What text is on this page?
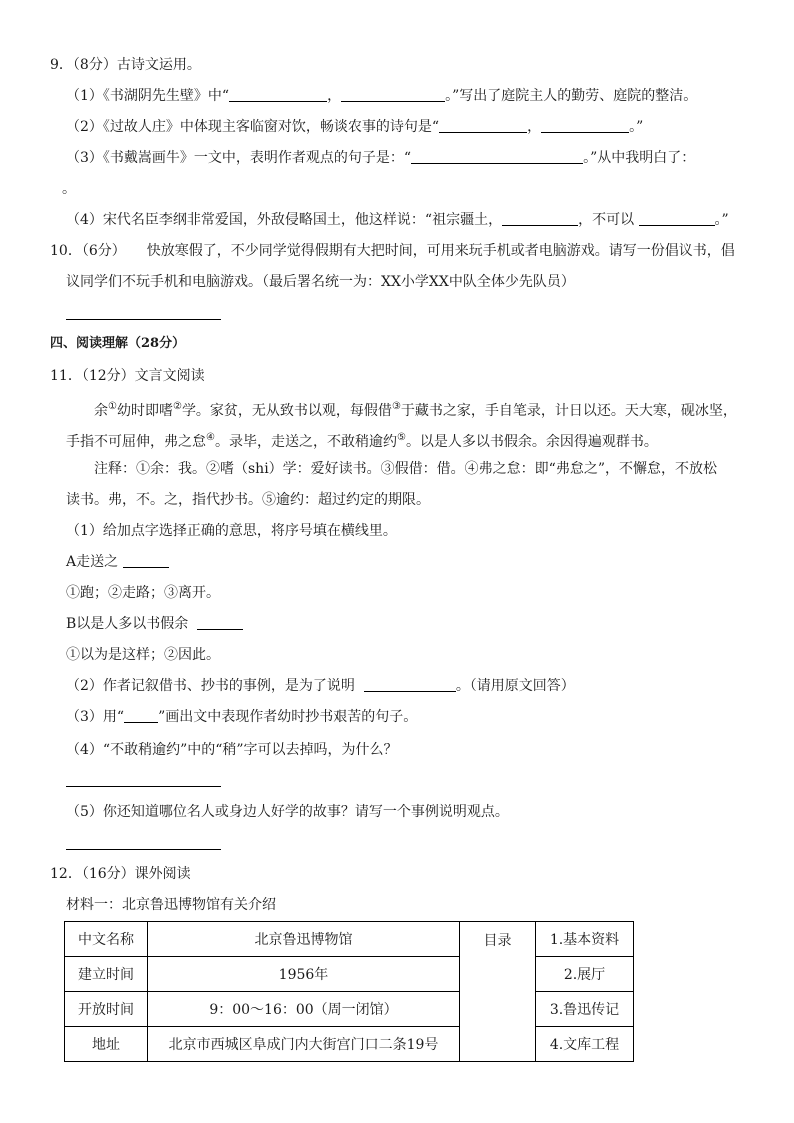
9．（8分）古诗文运用。
（1）《书湖阴先生壁》中“	，	。”写出了庭院主人的勤劳、庭院的整洁。
（2）《过故人庄》中体现主客临窗对饮，畅谈农事的诗句是“	，	。”
（3）《书戴嵩画牛》一文中，表明作者观点的句子是：“	。”从中我明白了：
。
（4）宋代名臣李纲非常爱国，外敌侵略国土，他这样说：“祖宗疆土，	，不可以	。”
10．（6分）　　快放寒假了，不少同学觉得假期有大把时间，可用来玩手机或者电脑游戏。请写一份倡议书，倡
议同学们不玩手机和电脑游戏。（最后署名统一为：XX小学XX中队全体少先队员）
四、阅读理解（28分）
11．（12分）文言文阅读
余①幼时即嗜②学。家贫，无从致书以观，每假借③于藏书之家，手自笔录，计日以还。天大寒，砚冰坚，
手指不可屈伸，弗之怠④。录毕，走送之，不敢稍逾约⑤。以是人多以书假余。余因得遍观群书。
注释：①余：我。②嗜（shi）学：爱好读书。③假借：借。④弗之怠：即“弗怠之”，不懈怠，不放松
读书。弗，不。之，指代抄书。⑤逾约：超过约定的期限。
（1）给加点字选择正确的意思，将序号填在横线里。
A走送之
①跑；②走路；③离开。
B以是人多以书假余
①以为是这样；②因此。
（2）作者记叙借书、抄书的事例，是为了说明	。（请用原文回答）
（3）用“ ”画出文中表现作者幼时抄书艰苦的句子。
（4）“不敢稍逾约”中的“稍”字可以去掉吗，为什么？
（5）你还知道哪位名人或身边人好学的故事？请写一个事例说明观点。
12．（16分）课外阅读
材料一：北京鲁迅博物馆有关介绍
中文名称	北京鲁迅博物馆	目录	1.基本资料
建立时间	1956年		2.展厅
开放时间	9：00～16：00（周一闭馆）		3.鲁迅传记
地址	北京市西城区阜成门内大街宫门口二条19号		4.文库工程
